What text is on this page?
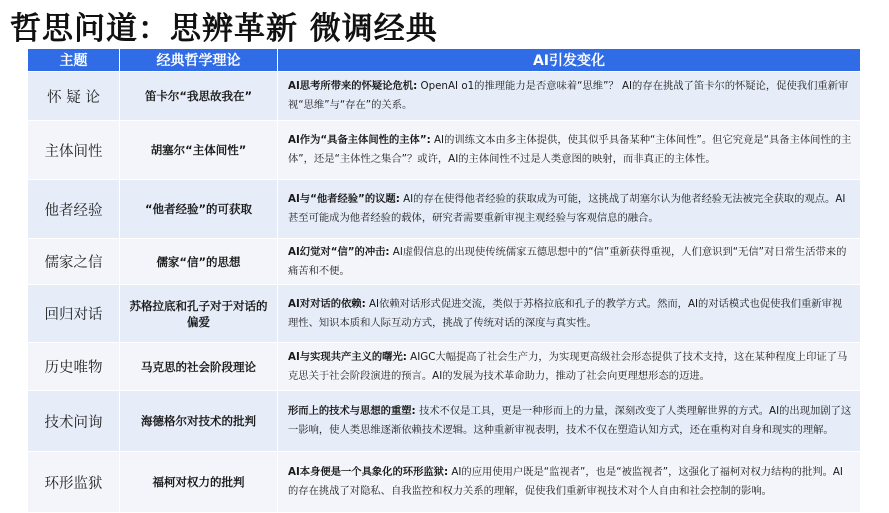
哲思问道：思辨革新 微调经典
主题	经典哲学理论	AI引发变化
怀 疑 论	笛卡尔“我思故我在”	AI思考所带来的怀疑论危机: OpenAI o1的推理能力是否意味着“思维”？ AI的存在挑战了笛卡尔的怀疑论，促使我们重新审视“思维”与“存在”的关系。
主体间性	胡塞尔“主体间性”	AI作为“具备主体间性的主体”: AI的训练文本由多主体提供，使其似乎具备某种“主体间性”。但它究竟是“具备主体间性的主体”，还是“主体性之集合”？或许，AI的主体间性不过是人类意图的映射，而非真正的主体性。
他者经验	“他者经验”的可获取	AI与“他者经验”的议题: AI的存在使得他者经验的获取成为可能，这挑战了胡塞尔认为他者经验无法被完全获取的观点。AI甚至可能成为他者经验的载体，研究者需要重新审视主观经验与客观信息的融合。
儒家之信	儒家“信”的思想	AI幻觉对“信”的冲击: AI虚假信息的出现使传统儒家五德思想中的“信”重新获得重视，人们意识到“无信”对日常生活带来的痛苦和不便。
回归对话	苏格拉底和孔子对于对话的偏爱	AI对对话的依赖: AI依赖对话形式促进交流，类似于苏格拉底和孔子的教学方式。然而，AI的对话模式也促使我们重新审视理性、知识本质和人际互动方式，挑战了传统对话的深度与真实性。
历史唯物	马克思的社会阶段理论	AI与实现共产主义的曙光: AIGC大幅提高了社会生产力，为实现更高级社会形态提供了技术支持，这在某种程度上印证了马克思关于社会阶段演进的预言。AI的发展为技术革命助力，推动了社会向更理想形态的迈进。
技术问询	海德格尔对技术的批判	形而上的技术与思想的重塑: 技术不仅是工具，更是一种形而上的力量，深刻改变了人类理解世界的方式。AI的出现加剧了这一影响，使人类思维逐渐依赖技术逻辑。这种重新审视表明，技术不仅在塑造认知方式，还在重构对自身和现实的理解。
环形监狱	福柯对权力的批判	AI本身便是一个具象化的环形监狱: AI的应用使用户既是“监视者”，也是“被监视者”，这强化了福柯对权力结构的批判。AI的存在挑战了对隐私、自我监控和权力关系的理解，促使我们重新审视技术对个人自由和社会控制的影响。
